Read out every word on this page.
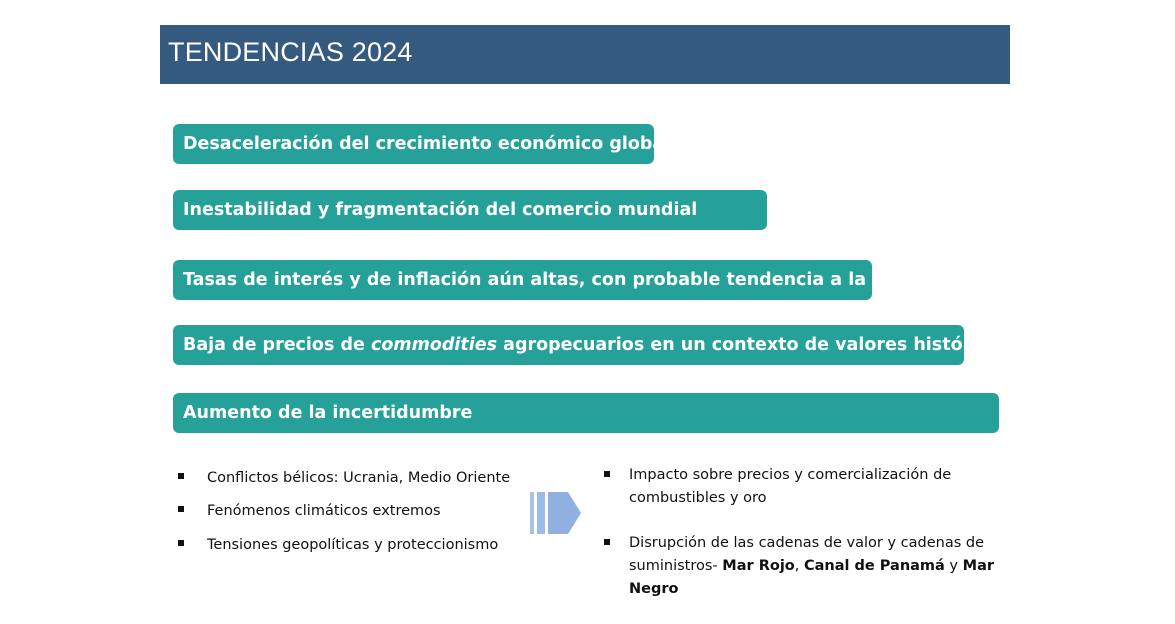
TENDENCIAS 2024
Desaceleración del crecimiento económico global
Inestabilidad y fragmentación del comercio mundial
Tasas de interés y de inflación aún altas, con probable tendencia a la baja
Baja de precios de commodities agropecuarios en un contexto de valores históricamente altos
Aumento de la incertidumbre
Conflictos bélicos: Ucrania, Medio Oriente
Fenómenos climáticos extremos
Tensiones geopolíticas y proteccionismo
Impacto sobre precios y comercialización de combustibles y oro
Disrupción de las cadenas de valor y cadenas de suministros- Mar Rojo, Canal de Panamá y Mar Negro
